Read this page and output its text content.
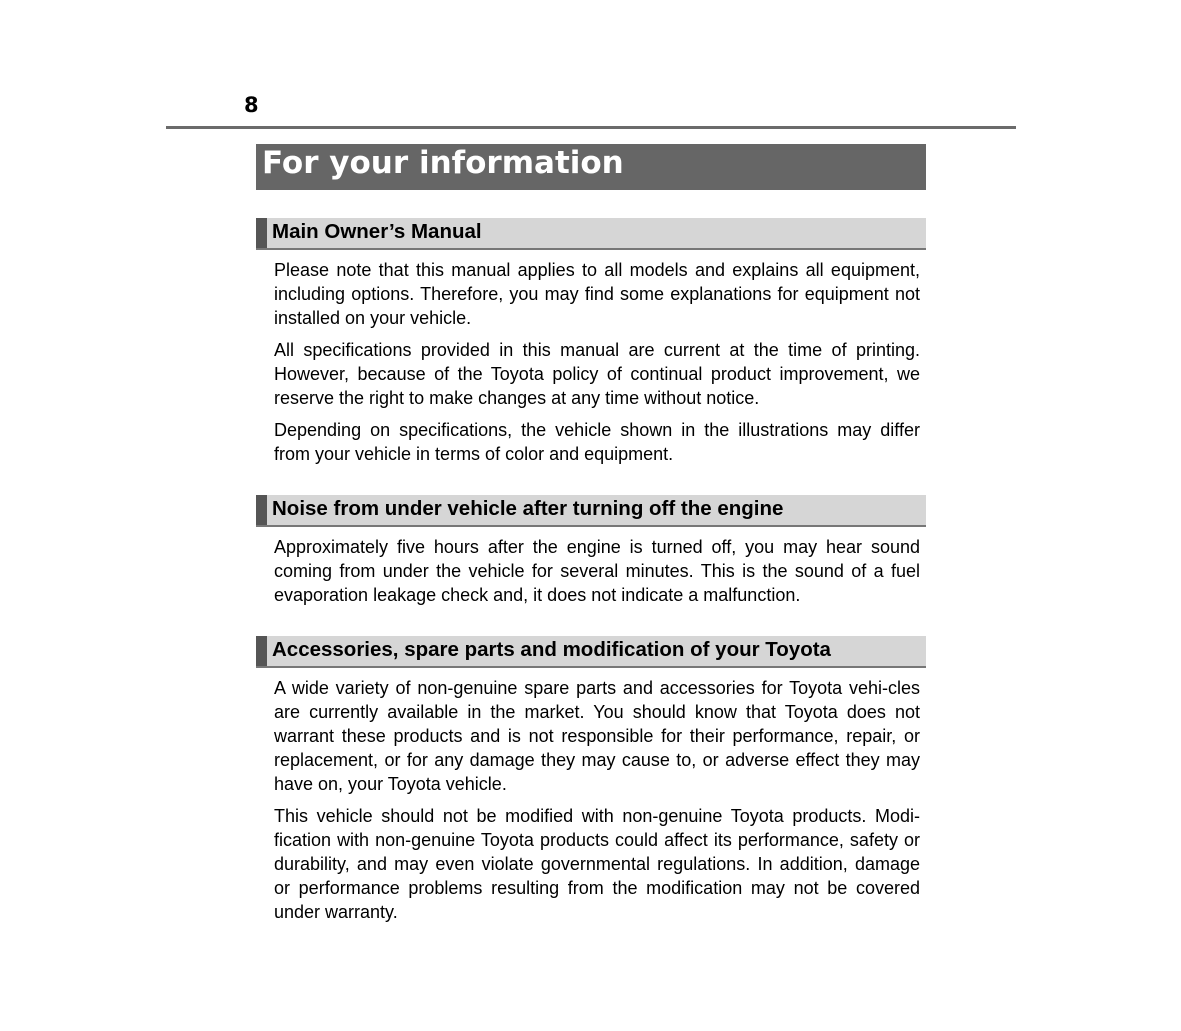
8
For your information
Main Owner’s Manual

Please note that this manual applies to all models and explains all equipment, including options. Therefore, you may find some explanations for equipment not installed on your vehicle.

All specifications provided in this manual are current at the time of printing. However, because of the Toyota policy of continual product improvement, we reserve the right to make changes at any time without notice.

Depending on specifications, the vehicle shown in the illustrations may differ from your vehicle in terms of color and equipment.

Noise from under vehicle after turning off the engine

Approximately five hours after the engine is turned off, you may hear sound coming from under the vehicle for several minutes. This is the sound of a fuel evaporation leakage check and, it does not indicate a malfunction.

Accessories, spare parts and modification of your Toyota

A wide variety of non-genuine spare parts and accessories for Toyota vehi-cles are currently available in the market. You should know that Toyota does not warrant these products and is not responsible for their performance, repair, or replacement, or for any damage they may cause to, or adverse effect they may have on, your Toyota vehicle.

This vehicle should not be modified with non-genuine Toyota products. Modi-fication with non-genuine Toyota products could affect its performance, safety or durability, and may even violate governmental regulations. In addition, damage or performance problems resulting from the modification may not be covered under warranty.
